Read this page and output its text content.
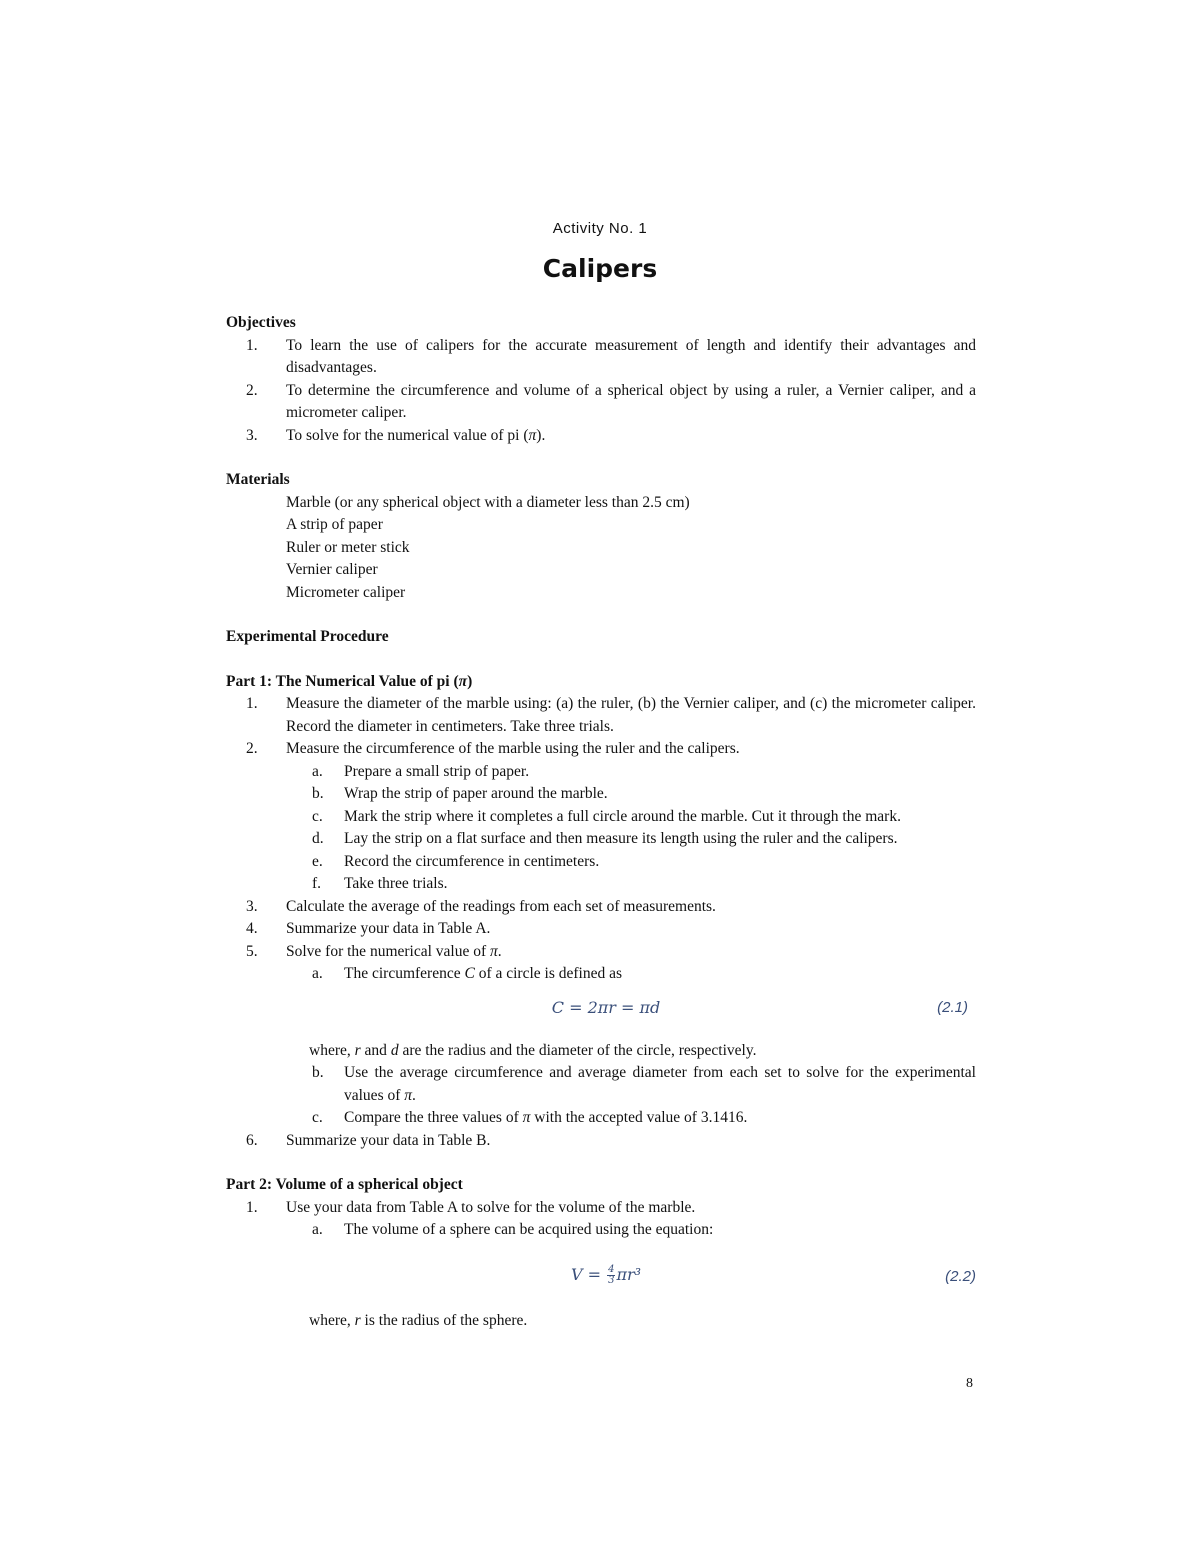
Activity No. 1
Calipers
Objectives
1. To learn the use of calipers for the accurate measurement of length and identify their advantages and disadvantages.
2. To determine the circumference and volume of a spherical object by using a ruler, a Vernier caliper, and a micrometer caliper.
3. To solve for the numerical value of pi (π).
Materials
Marble (or any spherical object with a diameter less than 2.5 cm)
A strip of paper
Ruler or meter stick
Vernier caliper
Micrometer caliper
Experimental Procedure
Part 1: The Numerical Value of pi (π)
1. Measure the diameter of the marble using: (a) the ruler, (b) the Vernier caliper, and (c) the micrometer caliper. Record the diameter in centimeters. Take three trials.
2. Measure the circumference of the marble using the ruler and the calipers.
a. Prepare a small strip of paper.
b. Wrap the strip of paper around the marble.
c. Mark the strip where it completes a full circle around the marble. Cut it through the mark.
d. Lay the strip on a flat surface and then measure its length using the ruler and the calipers.
e. Record the circumference in centimeters.
f. Take three trials.
3. Calculate the average of the readings from each set of measurements.
4. Summarize your data in Table A.
5. Solve for the numerical value of π.
a. The circumference C of a circle is defined as
C = 2πr = πd	(2.1)
where, r and d are the radius and the diameter of the circle, respectively.
b. Use the average circumference and average diameter from each set to solve for the experimental values of π.
c. Compare the three values of π with the accepted value of 3.1416.
6. Summarize your data in Table B.
Part 2: Volume of a spherical object
1. Use your data from Table A to solve for the volume of the marble.
a. The volume of a sphere can be acquired using the equation:
$V = \frac{4}{3} \pi r^3$	(2.2)
where, r is the radius of the sphere.
8
